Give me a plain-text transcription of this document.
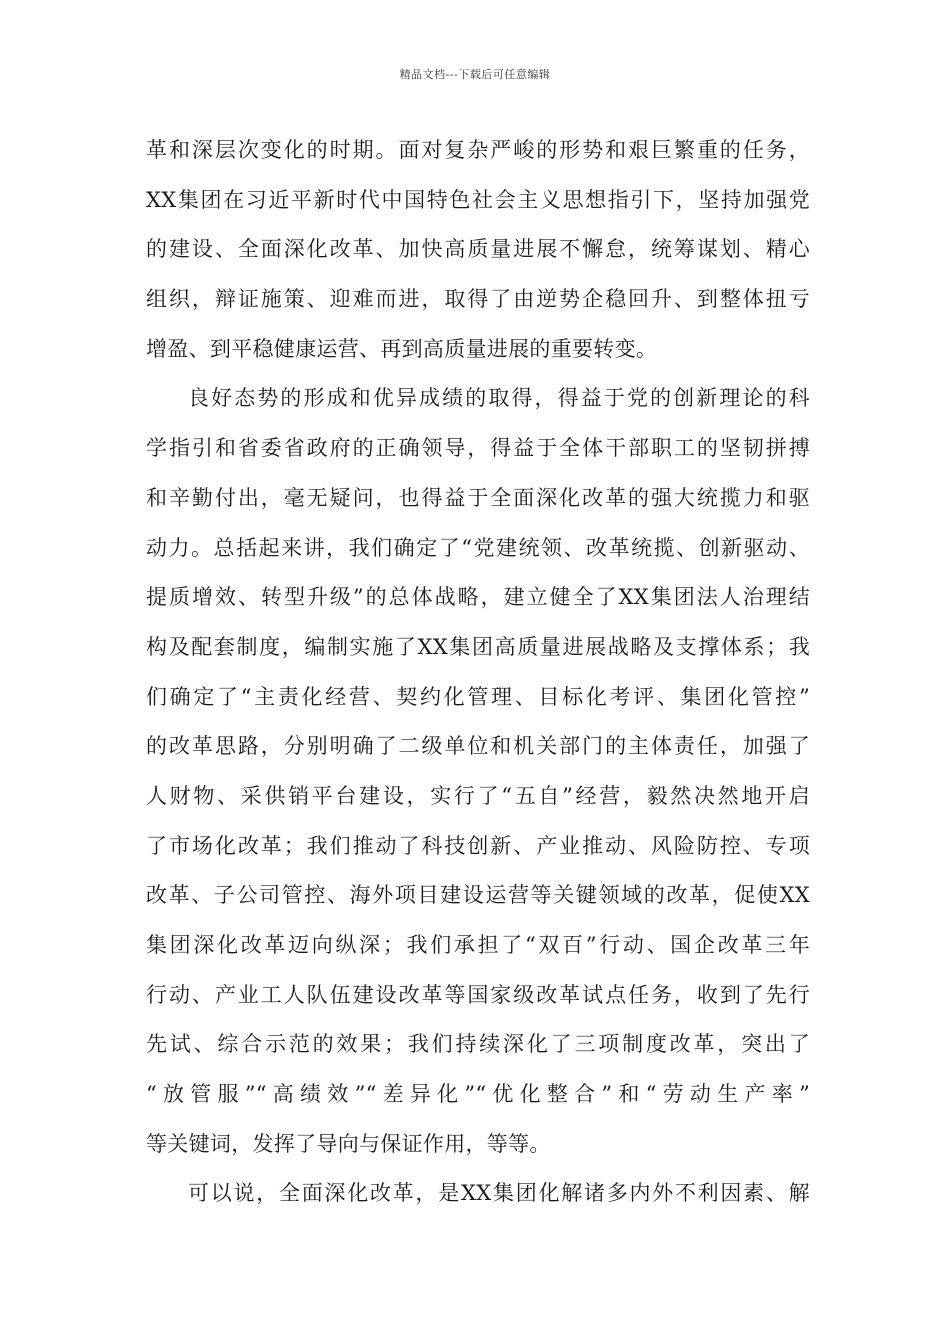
精品文档---下载后可任意编辑
革和深层次变化的时期。面对复杂严峻的形势和艰巨繁重的任务，
XX集团在习近平新时代中国特色社会主义思想指引下，坚持加强党
的建设、全面深化改革、加快高质量进展不懈怠，统筹谋划、精心
组织，辩证施策、迎难而进，取得了由逆势企稳回升、到整体扭亏
增盈、到平稳健康运营、再到高质量进展的重要转变。
良好态势的形成和优异成绩的取得，得益于党的创新理论的科
学指引和省委省政府的正确领导，得益于全体干部职工的坚韧拼搏
和辛勤付出，毫无疑问，也得益于全面深化改革的强大统揽力和驱
动力。总括起来讲，我们确定了“党建统领、改革统揽、创新驱动、
提质增效、转型升级”的总体战略，建立健全了XX集团法人治理结
构及配套制度，编制实施了XX集团高质量进展战略及支撑体系；我
们确定了“主责化经营、契约化管理、目标化考评、集团化管控”
的改革思路，分别明确了二级单位和机关部门的主体责任，加强了
人财物、采供销平台建设，实行了“五自”经营，毅然决然地开启
了市场化改革；我们推动了科技创新、产业推动、风险防控、专项
改革、子公司管控、海外项目建设运营等关键领域的改革，促使XX
集团深化改革迈向纵深；我们承担了“双百”行动、国企改革三年
行动、产业工人队伍建设改革等国家级改革试点任务，收到了先行
先试、综合示范的效果；我们持续深化了三项制度改革，突出了
“放管服”“高绩效”“差异化”“优化整合”和“劳动生产率”
等关键词，发挥了导向与保证作用，等等。
可以说，全面深化改革，是XX集团化解诸多内外不利因素、解
